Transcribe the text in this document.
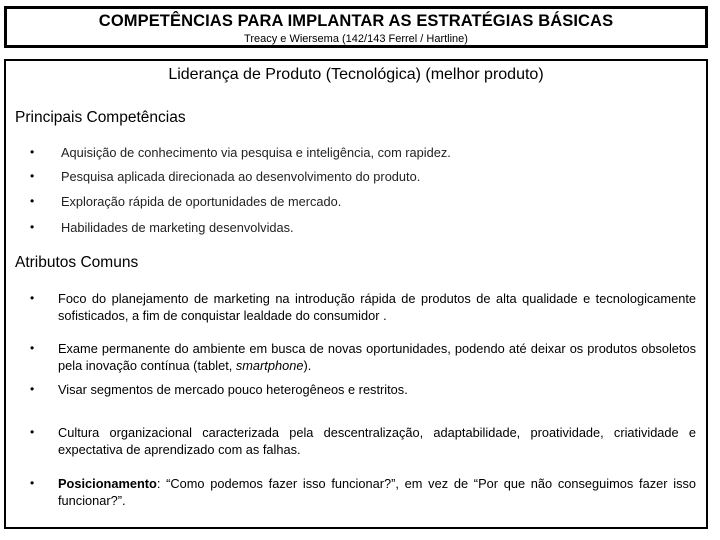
COMPETÊNCIAS PARA IMPLANTAR AS ESTRATÉGIAS BÁSICAS
Treacy e Wiersema (142/143 Ferrel / Hartline)
Liderança de Produto (Tecnológica) (melhor produto)
Principais Competências
• Aquisição de conhecimento via pesquisa e inteligência, com rapidez.
• Pesquisa aplicada direcionada ao desenvolvimento do produto.
• Exploração rápida de oportunidades de mercado.
• Habilidades de marketing desenvolvidas.
Atributos Comuns
• Foco do planejamento de marketing na introdução rápida de produtos de alta qualidade e tecnologicamente sofisticados, a fim de conquistar lealdade do consumidor .
• Exame permanente do ambiente em busca de novas oportunidades, podendo até deixar os produtos obsoletos pela inovação contínua (tablet, smartphone).
• Visar segmentos de mercado pouco heterogêneos e restritos.
• Cultura organizacional caracterizada pela descentralização, adaptabilidade, proatividade, criatividade e expectativa de aprendizado com as falhas.
• Posicionamento: “Como podemos fazer isso funcionar?”, em vez de “Por que não conseguimos fazer isso funcionar?”.
